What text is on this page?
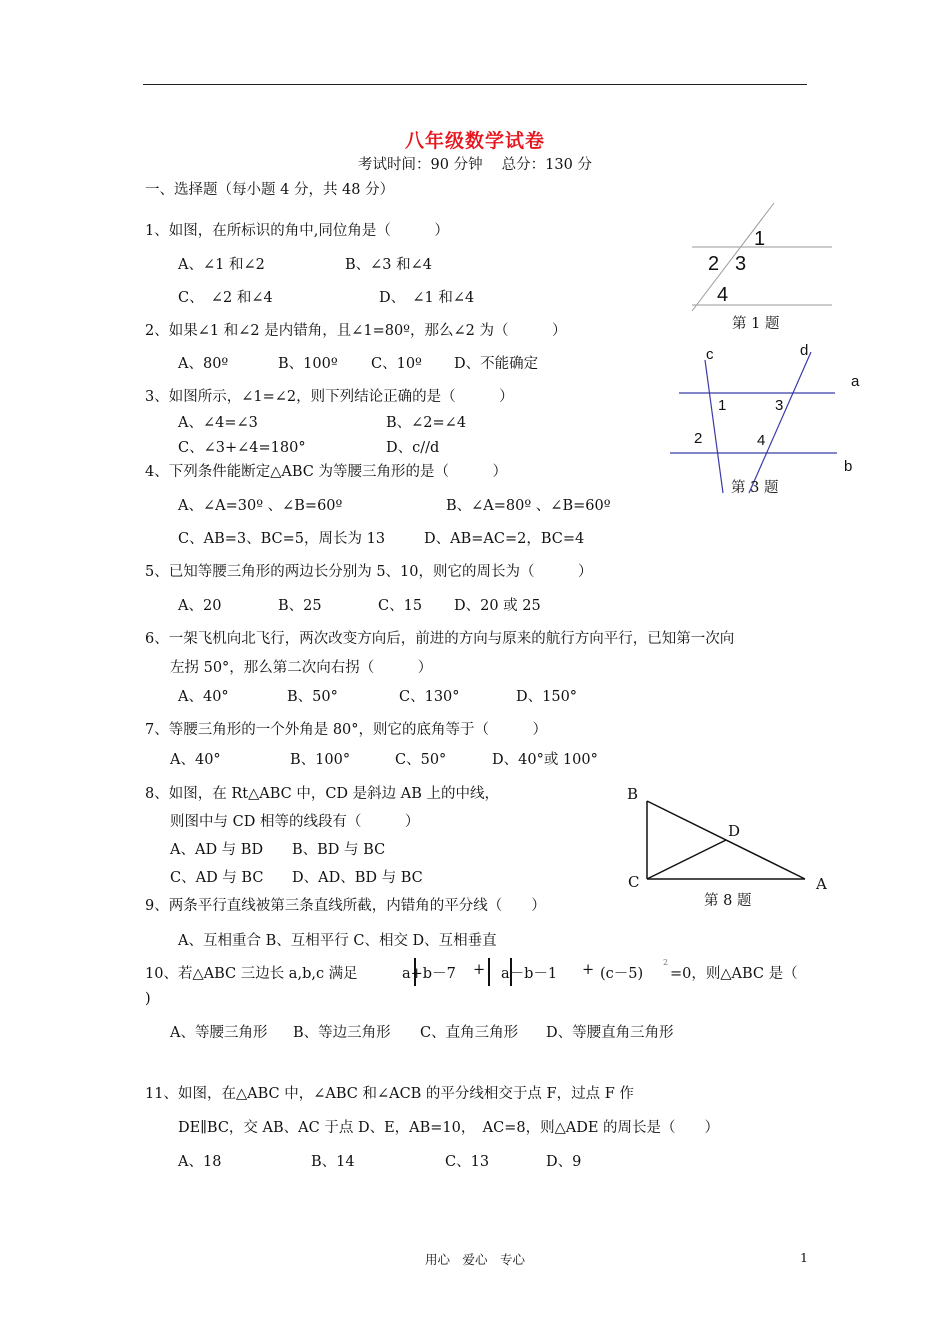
八年级数学试卷
考试时间：90 分钟　 总分：130 分
一、选择题（每小题 4 分，共 48 分）
1、如图，在所标识的角中,同位角是（　　　）
A、∠1 和∠2	B、∠3 和∠4
C、　∠2 和∠4	D、　∠1 和∠4
2、如果∠1 和∠2 是内错角，且∠1=80º，那么∠2 为（　　　）
A、80º	B、100º C、10º D、不能确定
3、如图所示，∠1=∠2，则下列结论正确的是（　　　）
A、∠4=∠3	B、∠2=∠4
C、∠3+∠4=180°	D、c//d
4、下列条件能断定△ABC 为等腰三角形的是（　　　）
A、∠A=30º 、∠B=60º	B、∠A=80º 、∠B=60º
C、AB=3、BC=5，周长为 13	D、AB=AC=2，BC=4
5、已知等腰三角形的两边长分别为 5、10，则它的周长为（　　　）
A、20	B、25	C、15 D、20 或 25
6、一架飞机向北飞行，两次改变方向后，前进的方向与原来的航行方向平行，已知第一次向
左拐 50°，那么第二次向右拐（　　　）
A、40°	B、50°	C、130°	D、150°
7、等腰三角形的一个外角是 80°，则它的底角等于（　　　）
A、40°	B、100°	C、50°	D、40°或 100°
8、如图，在 Rt△ABC 中，CD 是斜边 AB 上的中线，
则图中与 CD 相等的线段有（　　　）
A、AD 与 BD B、BD 与 BC
C、AD 与 BC D、AD、BD 与 BC
9、两条平行直线被第三条直线所截，内错角的平分线（　　）
A、互相重合 B、互相平行 C、相交 D、互相垂直
10、若△ABC 三边长 a,b,c 满足	a+b－7 + a－b－1 + (c－5)
2
=0，则△ABC 是（
)
A、等腰三角形 B、等边三角形 C、直角三角形 D、等腰直角三角形
11、如图，在△ABC 中，∠ABC 和∠ACB 的平分线相交于点 F，过点 F 作
DE∥BC，交 AB、AC 于点 D、E，AB=10，　AC=8，则△ADE 的周长是（　　）
A、18	B、14	C、13	D、9
1
2 3
4
第 1 题
c	d
a
b
1	3
2	4
第 3 题
B
D
C	A
第 8 题
用心　爱心　专心	1
